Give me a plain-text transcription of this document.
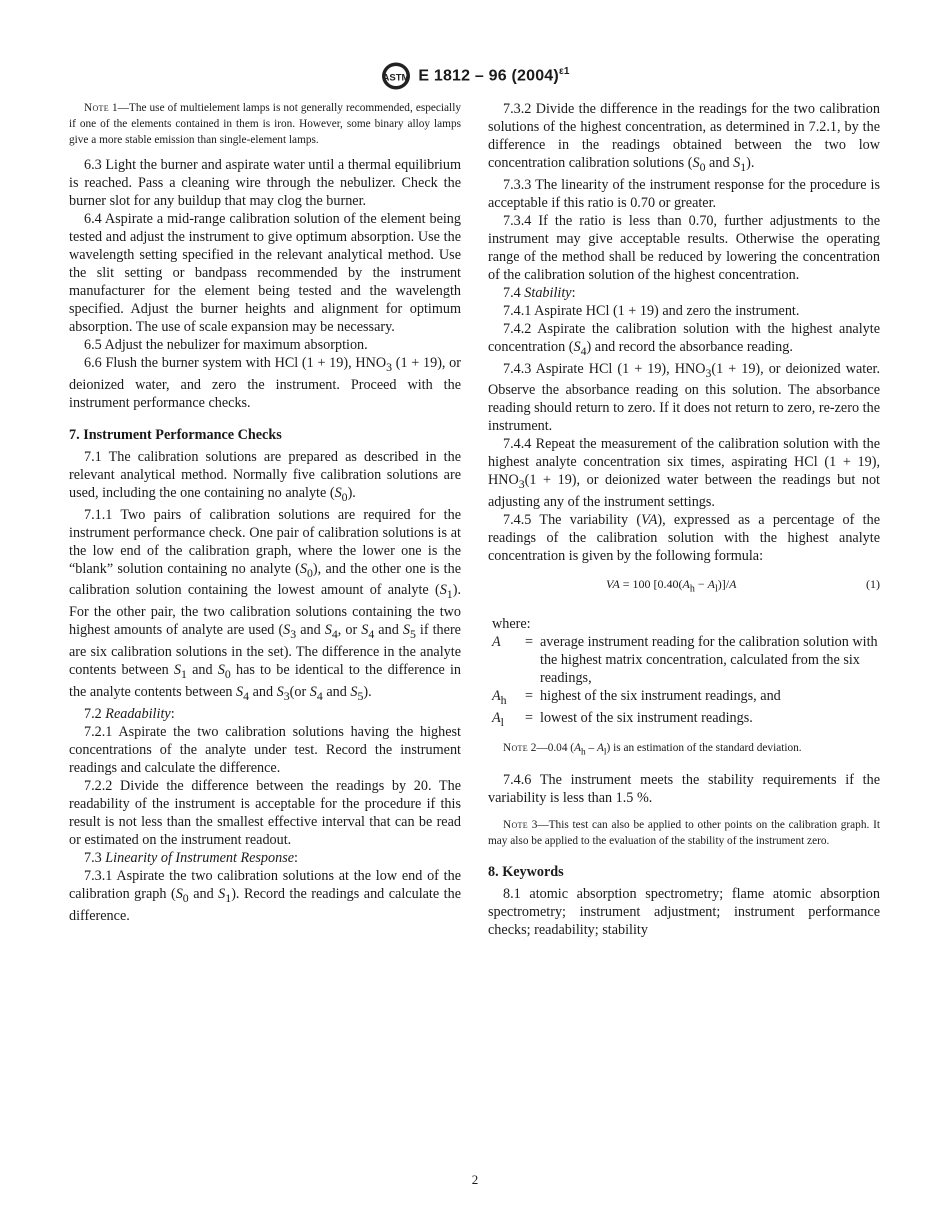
ASTM E 1812 – 96 $(2004)^{\varepsilon 1}$

Note 1—The use of multielement lamps is not generally recommended, especially if one of the elements contained in them is iron. However, some binary alloy lamps give a more stable emission than single-element lamps.

6.3 Light the burner and aspirate water until a thermal equilibrium is reached. Pass a cleaning wire through the nebulizer. Check the burner slot for any buildup that may clog the burner.

6.4 Aspirate a mid-range calibration solution of the element being tested and adjust the instrument to give optimum absorption. Use the wavelength setting specified in the relevant analytical method. Use the slit setting or bandpass recommended by the instrument manufacturer for the element being tested and the wavelength specified. Adjust the burner heights and alignment for optimum absorption. The use of scale expansion may be necessary.

6.5 Adjust the nebulizer for maximum absorption.

6.6 Flush the burner system with HCl (1 + 19), $HNO_3$ (1 + 19), or deionized water, and zero the instrument. Proceed with the instrument performance checks.

7. Instrument Performance Checks

7.1 The calibration solutions are prepared as described in the relevant analytical method. Normally five calibration solutions are used, including the one containing no analyte $(S_0)$.

7.1.1 Two pairs of calibration solutions are required for the instrument performance check. One pair of calibration solutions is at the low end of the calibration graph, where the lower one is the “blank” solution containing no analyte $(S_0)$, and the other one is the calibration solution containing the lowest amount of analyte $(S_1)$. For the other pair, the two calibration solutions containing the two highest amounts of analyte are used ($S_3$ and $S_4$, or $S_4$ and $S_5$ if there are six calibration solutions in the set). The difference in the analyte contents between $S_1$ and $S_0$ has to be identical to the difference in the analyte contents between $S_4$ and $S_3(or$ $S_4$ and $S_5$).

7.2 Readability:

7.2.1 Aspirate the two calibration solutions having the highest concentrations of the analyte under test. Record the instrument readings and calculate the difference.

7.2.2 Divide the difference between the readings by 20. The readability of the instrument is acceptable for the procedure if this result is not less than the smallest effective interval that can be read or estimated on the instrument readout.

7.3 Linearity of Instrument Response:

7.3.1 Aspirate the two calibration solutions at the low end of the calibration graph ($S_0$ and $S_1$). Record the readings and calculate the difference.

7.3.2 Divide the difference in the readings for the two calibration solutions of the highest concentration, as determined in 7.2.1, by the difference in the readings obtained between the two low concentration calibration solutions ($S_0$ and $S_1$).

7.3.3 The linearity of the instrument response for the procedure is acceptable if this ratio is 0.70 or greater.

7.3.4 If the ratio is less than 0.70, further adjustments to the instrument may give acceptable results. Otherwise the operating range of the method shall be reduced by lowering the concentration of the calibration solution of the highest concentration.

7.4 Stability:

7.4.1 Aspirate HCl (1 + 19) and zero the instrument.

7.4.2 Aspirate the calibration solution with the highest analyte concentration $(S_4)$ and record the absorbance reading.

7.4.3 Aspirate HCl (1 + 19), $HNO_3(1 + 19)$, or deionized water. Observe the absorbance reading on this solution. The absorbance reading should return to zero. If it does not return to zero, re-zero the instrument.

7.4.4 Repeat the measurement of the calibration solution with the highest analyte concentration six times, aspirating HCl (1 + 19), $HNO_3(1 + 19)$, or deionized water between the readings but not adjusting any of the instrument settings.

7.4.5 The variability (VA), expressed as a percentage of the readings of the calibration solution with the highest analyte concentration is given by the following formula:

VA = 100 $[0.40(A_h - A_l)]/A$	(1)
where:
A	=	average instrument reading for the calibration solution with the highest matrix concentration, calculated from the six readings,
$A_h$	=	highest of the six instrument readings, and
$A_l$	=	lowest of the six instrument readings.

Note 2—0.04 $(A_h - A_l)$ is an estimation of the standard deviation.

7.4.6 The instrument meets the stability requirements if the variability is less than 1.5 %.

Note 3—This test can also be applied to other points on the calibration graph. It may also be applied to the evaluation of the stability of the instrument zero.

8. Keywords

8.1 atomic absorption spectrometry; flame atomic absorption spectrometry; instrument adjustment; instrument performance checks; readability; stability

2
